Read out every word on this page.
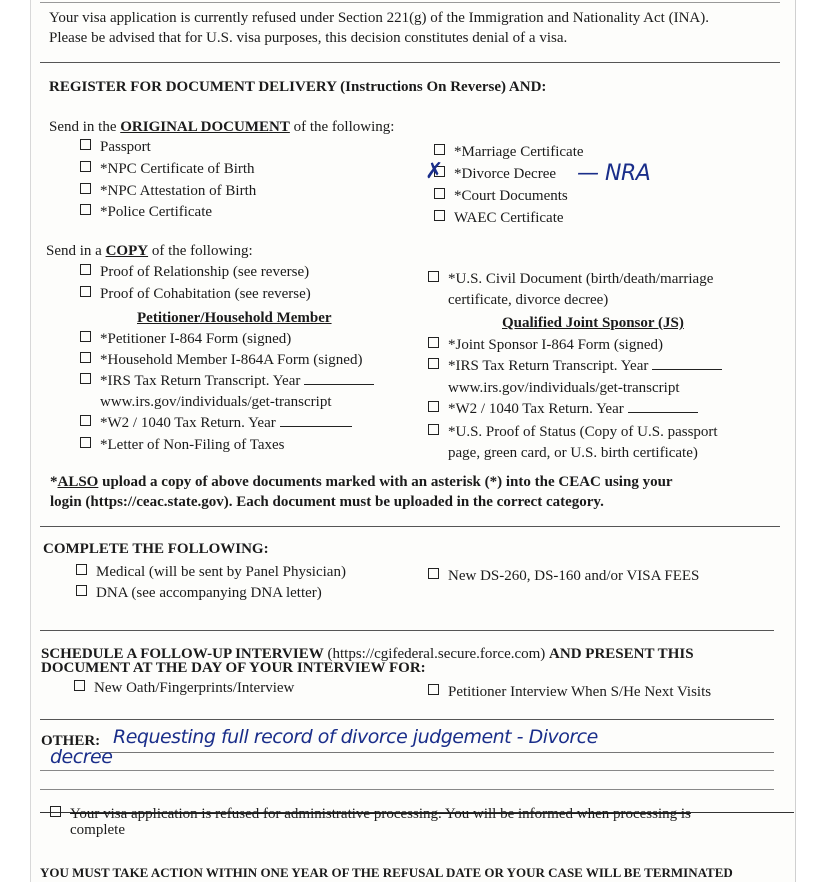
Your visa application is currently refused under Section 221(g) of the Immigration and Nationality Act (INA).
Please be advised that for U.S. visa purposes, this decision constitutes denial of a visa.
REGISTER FOR DOCUMENT DELIVERY (Instructions On Reverse) AND:
Send in the ORIGINAL DOCUMENT of the following:
Passport
*NPC Certificate of Birth
*NPC Attestation of Birth
*Police Certificate
*Marriage Certificate
*Divorce Decree
✗	— NRA
*Court Documents
WAEC Certificate
Send in a COPY of the following:
Proof of Relationship (see reverse)
Proof of Cohabitation (see reverse)
*U.S. Civil Document (birth/death/marriage
certificate, divorce decree)
Petitioner/Household Member	Qualified Joint Sponsor (JS)
*Petitioner I-864 Form (signed)
*Household Member I-864A Form (signed)
*IRS Tax Return Transcript. Year
www.irs.gov/individuals/get-transcript
*W2 / 1040 Tax Return. Year
*Letter of Non-Filing of Taxes
*Joint Sponsor I-864 Form (signed)
*IRS Tax Return Transcript. Year
www.irs.gov/individuals/get-transcript
*W2 / 1040 Tax Return. Year
*U.S. Proof of Status (Copy of U.S. passport
page, green card, or U.S. birth certificate)
*ALSO upload a copy of above documents marked with an asterisk (*) into the CEAC using your
login (https://ceac.state.gov). Each document must be uploaded in the correct category.
COMPLETE THE FOLLOWING:
Medical (will be sent by Panel Physician)
DNA (see accompanying DNA letter)
New DS-260, DS-160 and/or VISA FEES
SCHEDULE A FOLLOW-UP INTERVIEW (https://cgifederal.secure.force.com) AND PRESENT THIS
DOCUMENT AT THE DAY OF YOUR INTERVIEW FOR:
New Oath/Fingerprints/Interview	Petitioner Interview When S/He Next Visits
OTHER: Requesting full record of divorce judgement - Divorce
decree
Your visa application is refused for administrative processing. You will be informed when processing is
complete
YOU MUST TAKE ACTION WITHIN ONE YEAR OF THE REFUSAL DATE OR YOUR CASE WILL BE TERMINATED
